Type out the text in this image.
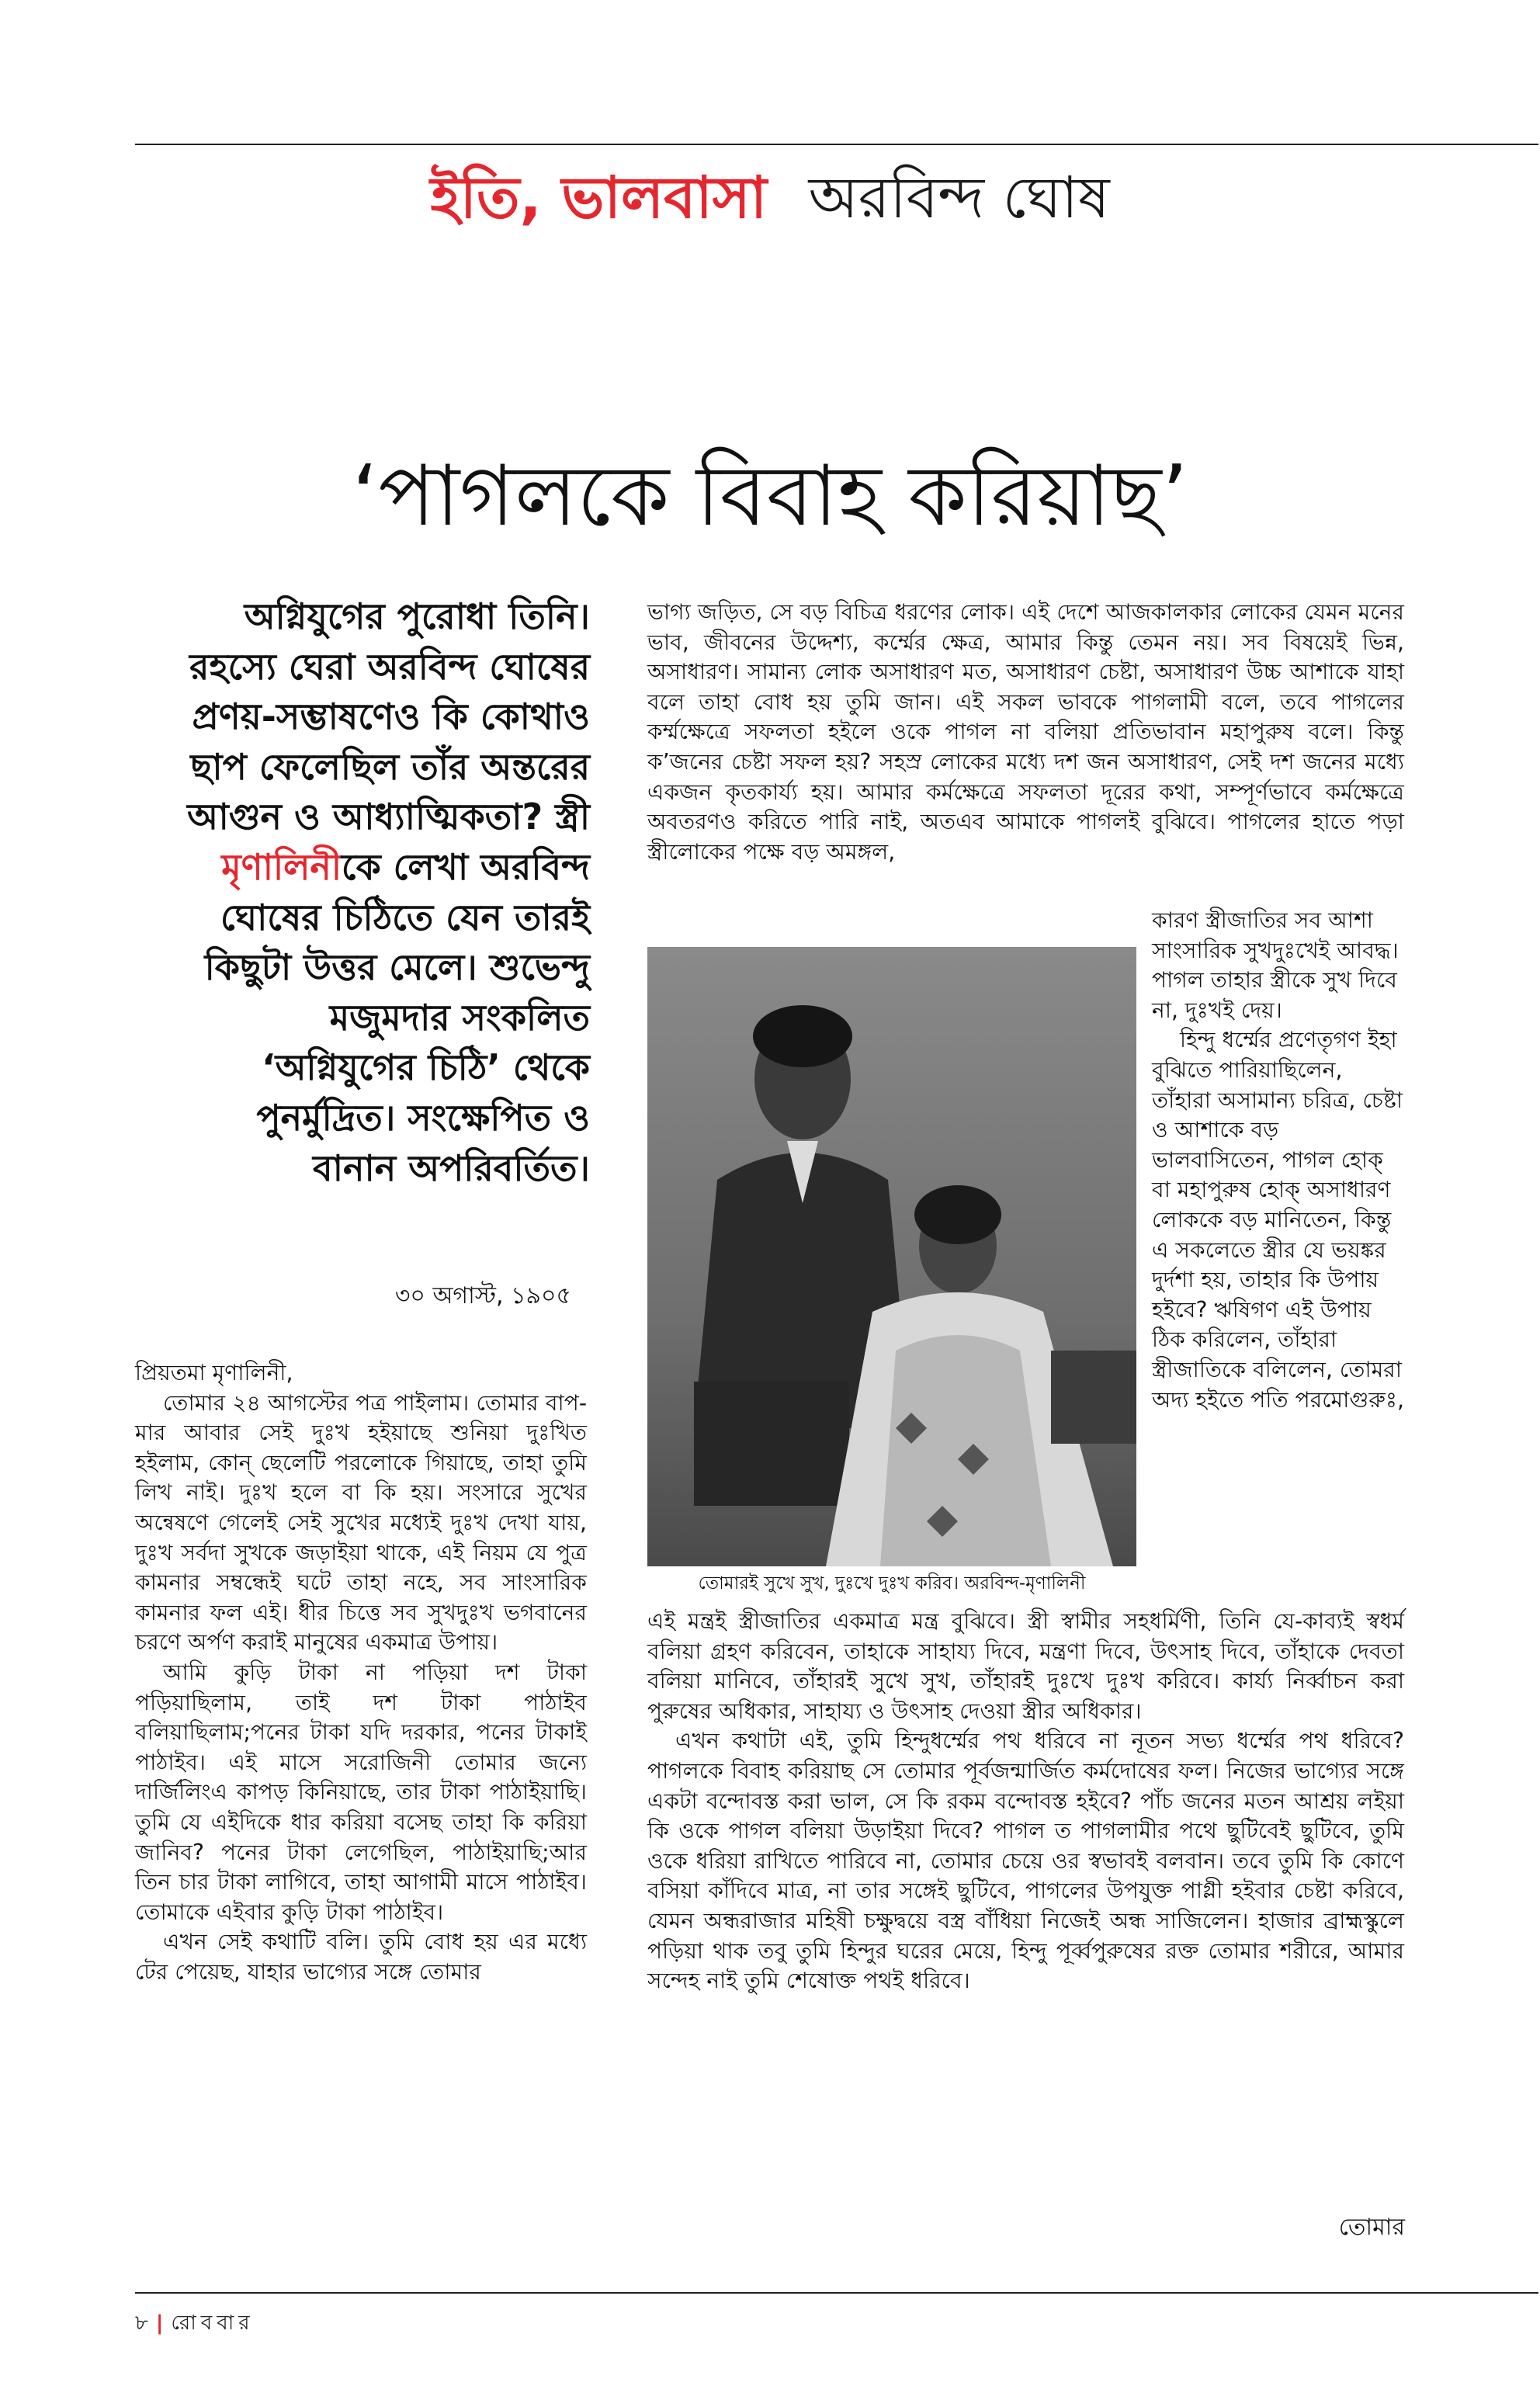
ইতি, ভালবাসা অরবিন্দ ঘোষ
‘পাগলকে বিবাহ করিয়াছ’
অগ্নিযুগের পুরোধা তিনি। রহস্যে ঘেরা অরবিন্দ ঘোষের প্রণয়-সম্ভাষণেও কি কোথাও ছাপ ফেলেছিল তাঁর অন্তরের আগুন ও আধ্যাত্মিকতা? স্ত্রী মৃণালিনীকে লেখা অরবিন্দ ঘোষের চিঠিতে যেন তারই কিছুটা উত্তর মেলে। শুভেন্দু মজুমদার সংকলিত ‘অগ্নিযুগের চিঠি’ থেকে পুনর্মুদ্রিত। সংক্ষেপিত ও বানান অপরিবর্তিত।
৩০ অগাস্ট, ১৯০৫

প্রিয়তমা মৃণালিনী,

তোমার ২৪ আগস্টের পত্র পাইলাম। তোমার বাপ-মার আবার সেই দুঃখ হইয়াছে শুনিয়া দুঃখিত হইলাম, কোন্ ছেলেটি পরলোকে গিয়াছে, তাহা তুমি লিখ নাই। দুঃখ হলে বা কি হয়। সংসারে সুখের অন্বেষণে গেলেই সেই সুখের মধ্যেই দুঃখ দেখা যায়, দুঃখ সর্বদা সুখকে জড়াইয়া থাকে, এই নিয়ম যে পুত্র কামনার সম্বন্ধেই ঘটে তাহা নহে, সব সাংসারিক কামনার ফল এই। ধীর চিত্তে সব সুখদুঃখ ভগবানের চরণে অর্পণ করাই মানুষের একমাত্র উপায়।

আমি কুড়ি টাকা না পড়িয়া দশ টাকা পড়িয়াছিলাম, তাই দশ টাকা পাঠাইব বলিয়াছিলাম;পনের টাকা যদি দরকার, পনের টাকাই পাঠাইব। এই মাসে সরোজিনী তোমার জন্যে দার্জিলিংএ কাপড় কিনিয়াছে, তার টাকা পাঠাইয়াছি। তুমি যে এইদিকে ধার করিয়া বসেছ তাহা কি করিয়া জানিব? পনের টাকা লেগেছিল, পাঠাইয়াছি;আর তিন চার টাকা লাগিবে, তাহা আগামী মাসে পাঠাইব। তোমাকে এইবার কুড়ি টাকা পাঠাইব।

এখন সেই কথাটি বলি। তুমি বোধ হয় এর মধ্যে টের পেয়েছ, যাহার ভাগ্যের সঙ্গে তোমার

ভাগ্য জড়িত, সে বড় বিচিত্র ধরণের লোক। এই দেশে আজকালকার লোকের যেমন মনের ভাব, জীবনের উদ্দেশ্য, কর্ম্মের ক্ষেত্র, আমার কিন্তু তেমন নয়। সব বিষয়েই ভিন্ন, অসাধারণ। সামান্য লোক অসাধারণ মত, অসাধারণ চেষ্টা, অসাধারণ উচ্চ আশাকে যাহা বলে তাহা বোধ হয় তুমি জান। এই সকল ভাবকে পাগলামী বলে, তবে পাগলের কর্ম্মক্ষেত্রে সফলতা হইলে ওকে পাগল না বলিয়া প্রতিভাবান মহাপুরুষ বলে। কিন্তু ক’জনের চেষ্টা সফল হয়? সহস্র লোকের মধ্যে দশ জন অসাধারণ, সেই দশ জনের মধ্যে একজন কৃতকার্য্য হয়। আমার কর্মক্ষেত্রে সফলতা দূরের কথা, সম্পূর্ণভাবে কর্মক্ষেত্রে অবতরণও করিতে পারি নাই, অতএব আমাকে পাগলই বুঝিবে। পাগলের হাতে পড়া স্ত্রীলোকের পক্ষে বড় অমঙ্গল,

তোমারই সুখে সুখ, দুঃখে দুঃখ করিব। অরবিন্দ-মৃণালিনী

কারণ স্ত্রীজাতির সব আশা সাংসারিক সুখদুঃখেই আবদ্ধ। পাগল তাহার স্ত্রীকে সুখ দিবে না, দুঃখই দেয়।

হিন্দু ধর্ম্মের প্রণেতৃগণ ইহা বুঝিতে পারিয়াছিলেন, তাঁহারা অসামান্য চরিত্র, চেষ্টা ও আশাকে বড় ভালবাসিতেন, পাগল হোক্ বা মহাপুরুষ হোক্ অসাধারণ লোককে বড় মানিতেন, কিন্তু এ সকলেতে স্ত্রীর যে ভয়ঙ্কর দুর্দশা হয়, তাহার কি উপায় হইবে? ঋষিগণ এই উপায় ঠিক করিলেন, তাঁহারা স্ত্রীজাতিকে বলিলেন, তোমরা অদ্য হইতে পতি পরমোগুরুঃ,

এই মন্ত্রই স্ত্রীজাতির একমাত্র মন্ত্র বুঝিবে। স্ত্রী স্বামীর সহধর্মিণী, তিনি যে-কাব্যই স্বধর্ম বলিয়া গ্রহণ করিবেন, তাহাকে সাহায্য দিবে, মন্ত্রণা দিবে, উৎসাহ দিবে, তাঁহাকে দেবতা বলিয়া মানিবে, তাঁহারই সুখে সুখ, তাঁহারই দুঃখে দুঃখ করিবে। কার্য্য নির্ব্বাচন করা পুরুষের অধিকার, সাহায্য ও উৎসাহ দেওয়া স্ত্রীর অধিকার।

এখন কথাটা এই, তুমি হিন্দুধর্ম্মের পথ ধরিবে না নূতন সভ্য ধর্ম্মের পথ ধরিবে? পাগলকে বিবাহ করিয়াছ সে তোমার পূর্বজন্মার্জিত কর্মদোষের ফল। নিজের ভাগ্যের সঙ্গে একটা বন্দোবস্ত করা ভাল, সে কি রকম বন্দোবস্ত হইবে? পাঁচ জনের মতন আশ্রয় লইয়া কি ওকে পাগল বলিয়া উড়াইয়া দিবে? পাগল ত পাগলামীর পথে ছুটিবেই ছুটিবে, তুমি ওকে ধরিয়া রাখিতে পারিবে না, তোমার চেয়ে ওর স্বভাবই বলবান। তবে তুমি কি কোণে বসিয়া কাঁদিবে মাত্র, না তার সঙ্গেই ছুটিবে, পাগলের উপযুক্ত পাগ্লী হইবার চেষ্টা করিবে, যেমন অন্ধরাজার মহিষী চক্ষুদ্বয়ে বস্ত্র বাঁধিয়া নিজেই অন্ধ সাজিলেন। হাজার ব্রাহ্মস্কুলে পড়িয়া থাক তবু তুমি হিন্দুর ঘরের মেয়ে, হিন্দু পূর্ব্বপুরুষের রক্ত তোমার শরীরে, আমার সন্দেহ নাই তুমি শেষোক্ত পথই ধরিবে।

তোমার
৮ | রোববার
